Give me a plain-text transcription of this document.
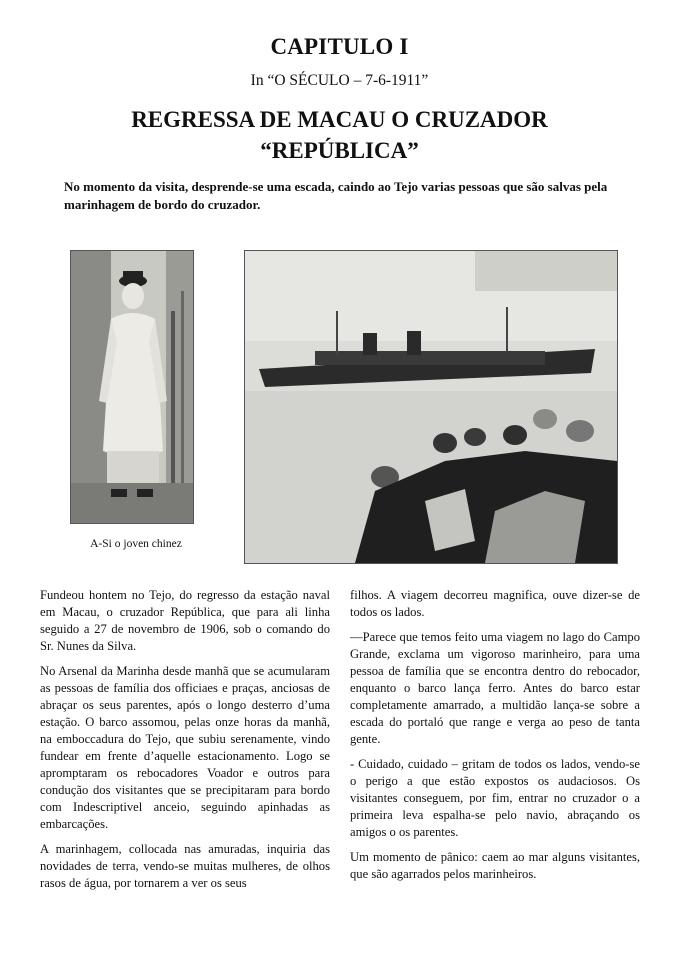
CAPITULO I
In “O SÉCULO – 7-6-1911”
REGRESSA DE MACAU O CRUZADOR
“REPÚBLICA”
No momento da visita, desprende-se uma escada, caindo ao Tejo varias pessoas que são salvas pela marinhagem de bordo do cruzador.
A-Si o joven chinez

Fundeou hontem no Tejo, do regresso da estação naval em Macau, o cruzador República, que para ali linha seguido a 27 de novembro de 1906, sob o comando do Sr. Nunes da Silva.

No Arsenal da Marinha desde manhã que se acumularam as pessoas de família dos officiaes e praças, anciosas de abraçar os seus parentes, após o longo desterro d’uma estação. O barco assomou, pelas onze horas da manhã, na emboccadura do Tejo, que subiu serenamente, vindo fundear em frente d’aquelle estacionamento. Logo se apromptaram os rebocadores Voador e outros para condução dos visitantes que se precipitaram para bordo com Indescriptivel anceio, seguindo apinhadas as embarcações.

A marinhagem, collocada nas amuradas, inquiria das novidades de terra, vendo-se muitas mulheres, de olhos rasos de água, por tornarem a ver os seus

filhos. A viagem decorreu magnifica, ouve dizer-se de todos os lados.

—Parece que temos feito uma viagem no lago do Campo Grande, exclama um vigoroso marinheiro, para uma pessoa de família que se encontra dentro do rebocador, enquanto o barco lança ferro. Antes do barco estar completamente amarrado, a multidão lança-se sobre a escada do portaló que range e verga ao peso de tanta gente.

- Cuidado, cuidado – gritam de todos os lados, vendo-se o perigo a que estão expostos os audaciosos. Os visitantes conseguem, por fim, entrar no cruzador o a primeira leva espalha-se pelo navio, abraçando os amigos o os parentes.

Um momento de pânico: caem ao mar alguns visitantes, que são agarrados pelos marinheiros.
